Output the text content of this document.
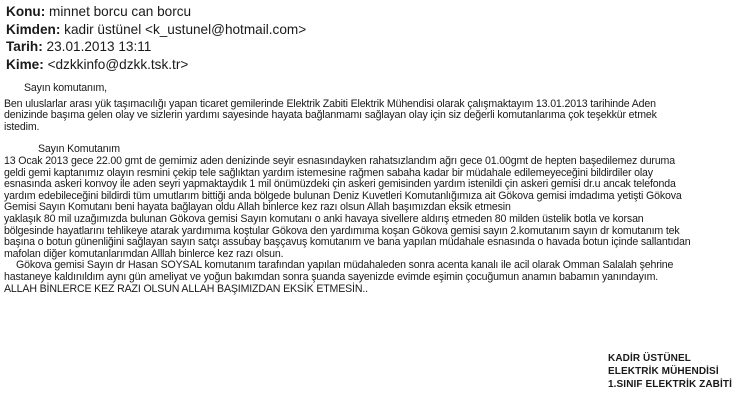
Konu: minnet borcu can borcu
Kimden: kadir üstünel <k_ustunel@hotmail.com>
Tarih: 23.01.2013 13:11
Kime: <dzkkinfo@dzkk.tsk.tr>
Sayın komutanım,
Ben uluslarlar arası yük taşımacılığı yapan ticaret gemilerinde Elektrik Zabiti Elektrik Mühendisi olarak çalışmaktayım 13.01.2013 tarihinde Aden
denizinde başıma gelen olay ve sizlerin yardımı sayesinde hayata bağlanmamı sağlayan olay için siz değerli komutanlarıma çok teşekkür etmek
istedim.
Sayın Komutanım
13 Ocak 2013 gece 22.00 gmt de gemimiz aden denizinde seyir esnasındayken rahatsızlandım ağrı gece 01.00gmt de hepten başedilemez duruma
geldi gemi kaptanımız olayın resmini çekip tele sağlıktan yardım istemesine rağmen sabaha kadar bir müdahale edilemeyeceğini bildirdiler olay
esnasında askeri konvoy ile aden seyri yapmaktaydık 1 mil önümüzdeki çin askeri gemisinden yardım istenildi çin askeri gemisi dr.u ancak telefonda
yardım edebileceğini bildirdi tüm umutlarım bittiği anda bölgede bulunan Deniz Kuvetleri Komutanlığımıza ait Gökova gemisi imdadıma yetişti Gökova
Gemisi Sayın Komutanı beni hayata bağlayan oldu Allah binlerce kez razı olsun Allah başımızdan eksik etmesin
yaklaşık 80 mil uzağımızda bulunan Gökova gemisi Sayın komutanı o anki havaya sivellere aldırış etmeden 80 milden üstelik botla ve korsan
bölgesinde hayatlarını tehlikeye atarak yardımıma koştular Gökova den yardımıma koşan Gökova gemisi sayın 2.komutanım sayın dr komutanım tek
başına o botun günenliğini sağlayan sayın satçı assubay başçavuş komutanım ve bana yapılan müdahale esnasında o havada botun içinde sallantıdan
mafolan diğer komutanlarımdan Alllah binlerce kez razı olsun.
Gökova gemisi Sayın dr Hasan SOYSAL komutanım tarafından yapılan müdahaleden sonra acenta kanalı ile acil olarak Omman Salalah şehrine
hastaneye kaldınıldım aynı gün ameliyat ve yoğun bakımdan sonra şuanda sayenizde evimde eşimin çocuğumun anamın babamın yanındayım.
ALLAH BİNLERCE KEZ RAZI OLSUN ALLAH BAŞIMIZDAN EKSİK ETMESİN..
KADİR ÜSTÜNEL
ELEKTRİK MÜHENDİSİ
1.SINIF ELEKTRİK ZABİTİ
